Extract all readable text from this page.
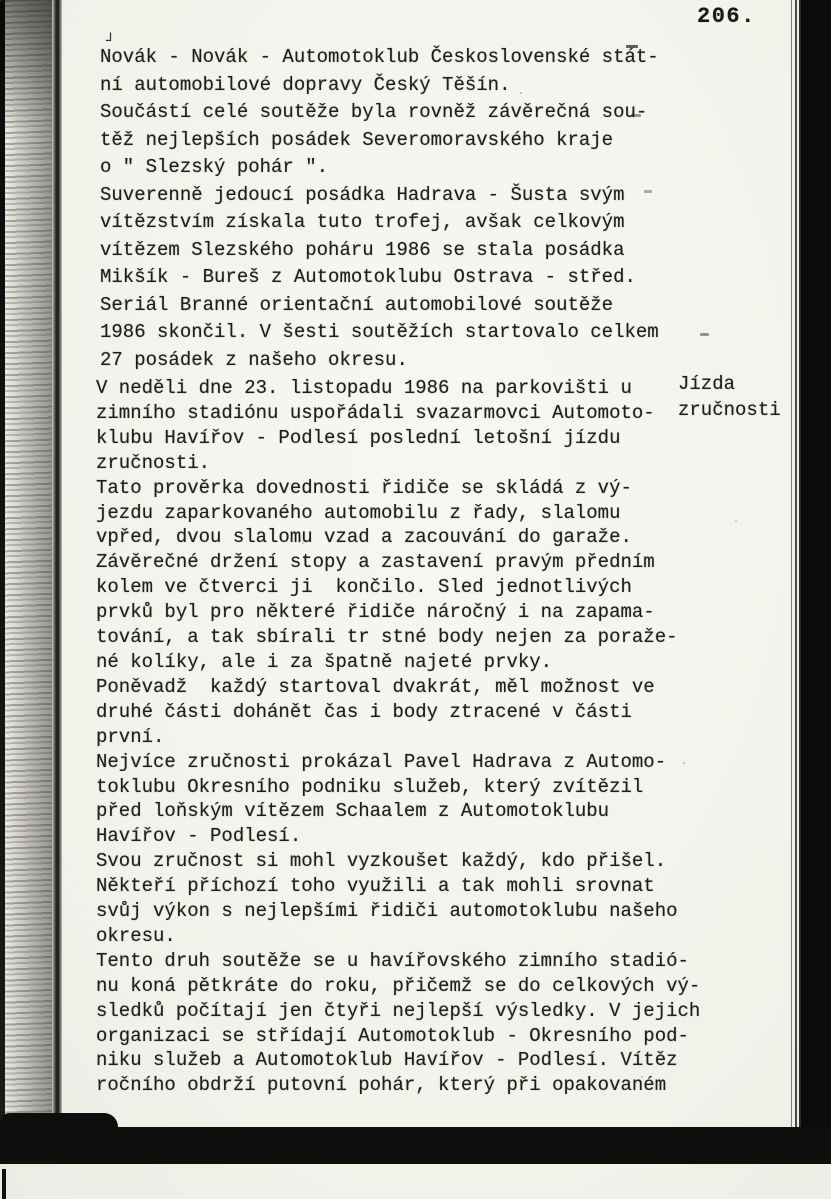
┘
206.
Novák - Novák - Automotoklub Československé stát-
ní automobilové dopravy Český Těšín.
Součástí celé soutěže byla rovněž závěrečná sou-
těž nejlepších posádek Severomoravského kraje
o " Slezský pohár ".
Suverenně jedoucí posádka Hadrava - Šusta svým
vítězstvím získala tuto trofej, avšak celkovým
vítězem Slezského poháru 1986 se stala posádka
Mikšík - Bureš z Automotoklubu Ostrava - střed.
Seriál Branné orientační automobilové soutěže
1986 skončil. V šesti soutěžích startovalo celkem
27 posádek z našeho okresu.
V neděli dne 23. listopadu 1986 na parkovišti u
zimního stadiónu uspořádali svazarmovci Automoto-
klubu Havířov - Podlesí poslední letošní jízdu
zručnosti.
Tato prověrka dovednosti řidiče se skládá z vý-
jezdu zaparkovaného automobilu z řady, slalomu
vpřed, dvou slalomu vzad a zacouvání do garaže.
Závěrečné držení stopy a zastavení pravým předním
kolem ve čtverci ji  končilo. Sled jednotlivých
prvků byl pro některé řidiče náročný i na zapama-
tování, a tak sbírali tr stné body nejen za poraže-
né kolíky, ale i za špatně najeté prvky.
Poněvadž  každý startoval dvakrát, měl možnost ve
druhé části dohánět čas i body ztracené v části
první.
Nejvíce zručnosti prokázal Pavel Hadrava z Automo-
toklubu Okresního podniku služeb, který zvítězil
před loňským vítězem Schaalem z Automotoklubu
Havířov - Podlesí.
Svou zručnost si mohl vyzkoušet každý, kdo přišel.
Někteří příchozí toho využili a tak mohli srovnat
svůj výkon s nejlepšími řidiči automotoklubu našeho
okresu.
Tento druh soutěže se u havířovského zimního stadió-
nu koná pětkráte do roku, přičemž se do celkových vý-
sledků počítají jen čtyři nejlepší výsledky. V jejich
organizaci se střídají Automotoklub - Okresního pod-
niku služeb a Automotoklub Havířov - Podlesí. Vítěz
ročního obdrží putovní pohár, který při opakovaném
Jízda
zručnosti
